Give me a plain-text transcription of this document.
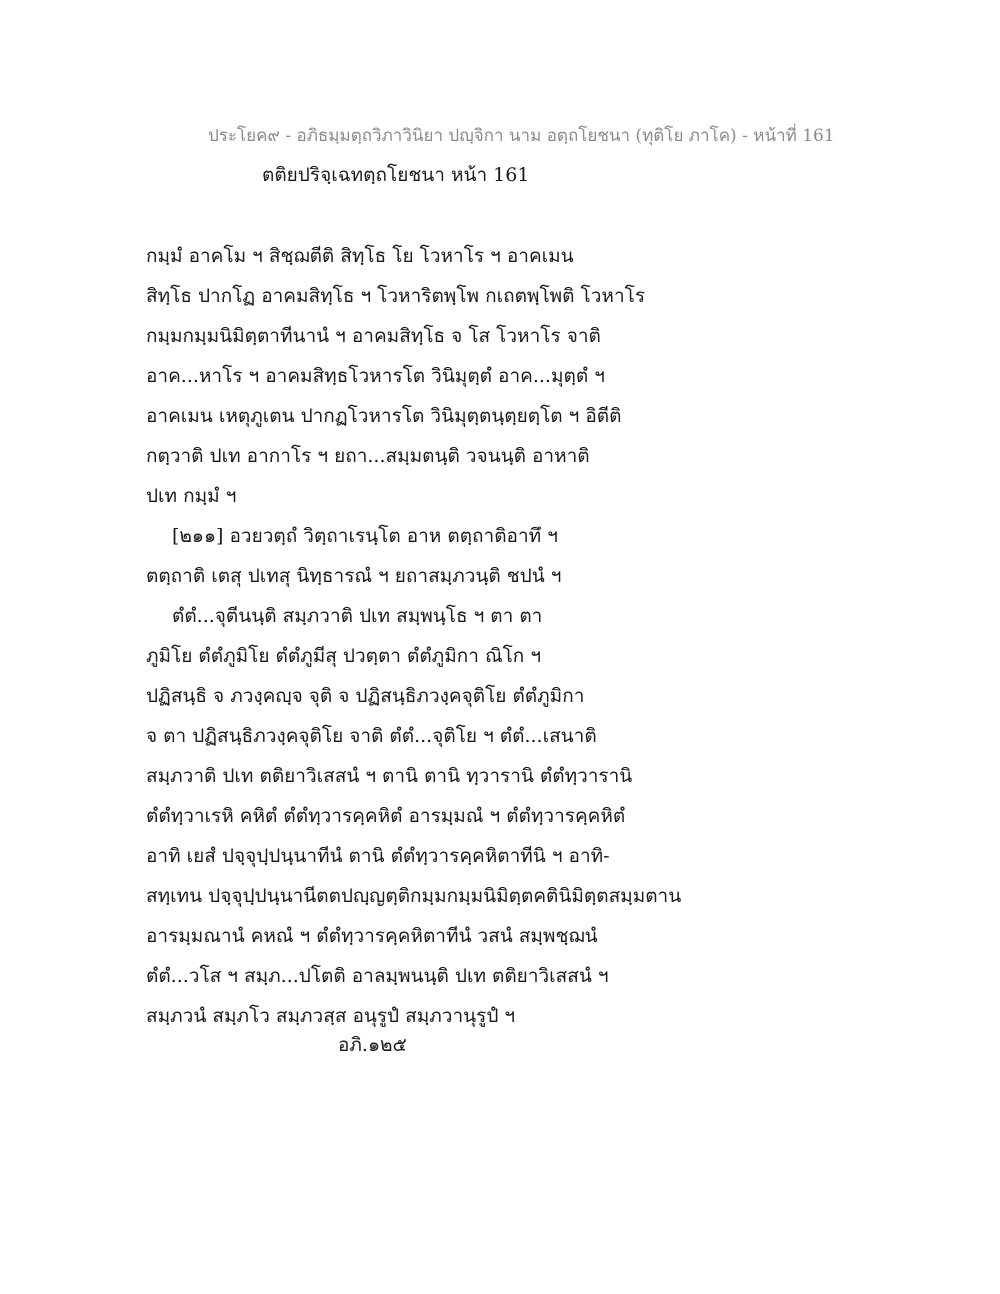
ประโยค๙ - อภิธมฺมตฺถวิภาวินิยา ปญฺจิกา นาม อตฺถโยชนา (ทุติโย ภาโค) - หน้าที่ 161
ตติยปริจฺเฉทตฺถโยชนา หน้า 161
กมฺมํ อาคโม ฯ สิชฺฌตีติ สิทฺโธ โย โวหาโร ฯ อาคเมน
สิทฺโธ ปากโฏ อาคมสิทฺโธ ฯ โวหาริตพฺโพ กเถตพฺโพติ โวหาโร
กมฺมกมฺมนิมิตฺตาทีนานํ ฯ อาคมสิทฺโธ จ โส โวหาโร จาติ
อาค...หาโร ฯ อาคมสิทฺธโวหารโต วินิมุตฺตํ อาค...มุตฺตํ ฯ
อาคเมน เหตุภูเตน ปากฏโวหารโต วินิมุตฺตนฺตฺยตฺโต ฯ อิตีติ
กตฺวาติ ปเท อากาโร ฯ ยถา...สมฺมตนฺติ วจนนฺติ อาหาติ
ปเท กมฺมํ ฯ
[๒๑๑] อวยวตฺถํ วิตฺถาเรนฺโต อาห ตตฺถาติอาทึ ฯ
ตตฺถาติ เตสุ ปเทสุ นิทฺธารณํ ฯ ยถาสมฺภวนฺติ ชปนํ ฯ
ตํตํ...จุตีนนฺติ สมฺภวาติ ปเท สมฺพนฺโธ ฯ ตา ตา
ภูมิโย ตํตํภูมิโย ตํตํภูมีสุ ปวตฺตา ตํตํภูมิกา ณิโก ฯ
ปฏิสนฺธิ จ ภวงฺคญฺจ จุติ จ ปฏิสนฺธิภวงฺคจุติโย ตํตํภูมิกา
จ ตา ปฏิสนฺธิภวงฺคจุติโย จาติ ตํตํ...จุติโย ฯ ตํตํ...เสนาติ
สมฺภวาติ ปเท ตติยาวิเสสนํ ฯ ตานิ ตานิ ทฺวารานิ ตํตํทฺวารานิ
ตํตํทฺวาเรหิ คหิตํ ตํตํทฺวารคฺคหิตํ อารมฺมณํ ฯ ตํตํทฺวารคฺคหิตํ
อาทิ เยสํ ปจฺจุปฺปนฺนาทีนํ ตานิ ตํตํทฺวารคฺคหิตาทีนิ ฯ อาทิ-
สทฺเทน ปจฺจุปฺปนฺนานีตตปญฺญตฺติกมฺมกมฺมนิมิตฺตคตินิมิตฺตสมฺมตาน
อารมฺมณานํ คหณํ ฯ ตํตํทฺวารคฺคหิตาทีนํ วสนํ สมฺพชฺฌนํ
ตํตํ...วโส ฯ สมฺภ...ปโตติ อาลมฺพนนฺติ ปเท ตติยาวิเสสนํ ฯ
สมฺภวนํ สมฺภโว สมฺภวสฺส อนุรูปํ สมฺภวานุรูปํ ฯ
อภิ.๑๒๕
